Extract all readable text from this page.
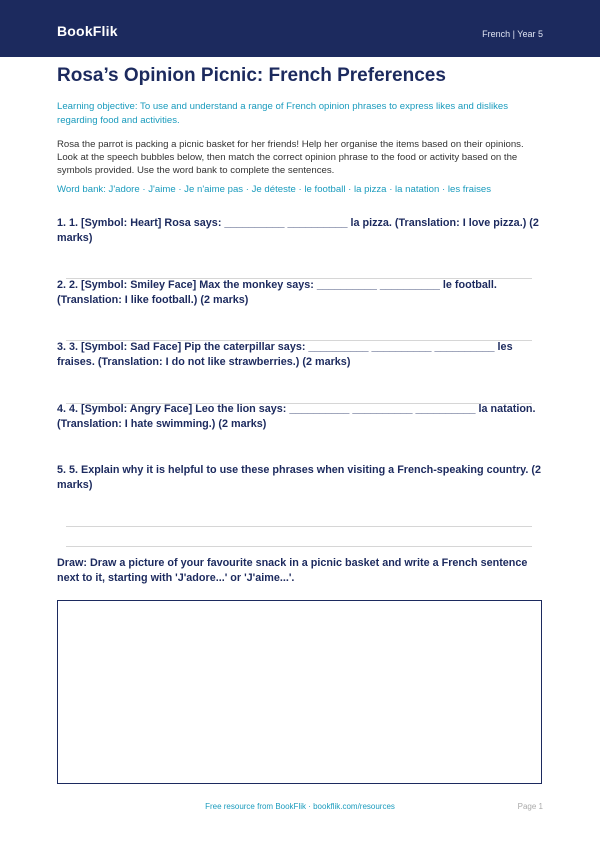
BookFlik	French | Year 5
Rosa’s Opinion Picnic: French Preferences
Learning objective: To use and understand a range of French opinion phrases to express likes and dislikes regarding food and activities.
Rosa the parrot is packing a picnic basket for her friends! Help her organise the items based on their opinions. Look at the speech bubbles below, then match the correct opinion phrase to the food or activity based on the symbols provided. Use the word bank to complete the sentences.
Word bank: J'adore · J'aime · Je n'aime pas · Je déteste · le football · la pizza · la natation · les fraises
1. 1. [Symbol: Heart] Rosa says: __________ __________ la pizza. (Translation: I love pizza.) (2 marks)
2. 2. [Symbol: Smiley Face] Max the monkey says: __________ __________ le football. (Translation: I like football.) (2 marks)
3. 3. [Symbol: Sad Face] Pip the caterpillar says: __________ __________ __________ les fraises. (Translation: I do not like strawberries.) (2 marks)
4. 4. [Symbol: Angry Face] Leo the lion says: __________ __________ __________ la natation. (Translation: I hate swimming.) (2 marks)
5. 5. Explain why it is helpful to use these phrases when visiting a French-speaking country. (2 marks)
Draw: Draw a picture of your favourite snack in a picnic basket and write a French sentence next to it, starting with 'J'adore...' or 'J'aime...'.
Free resource from BookFlik · bookflik.com/resources	Page 1
